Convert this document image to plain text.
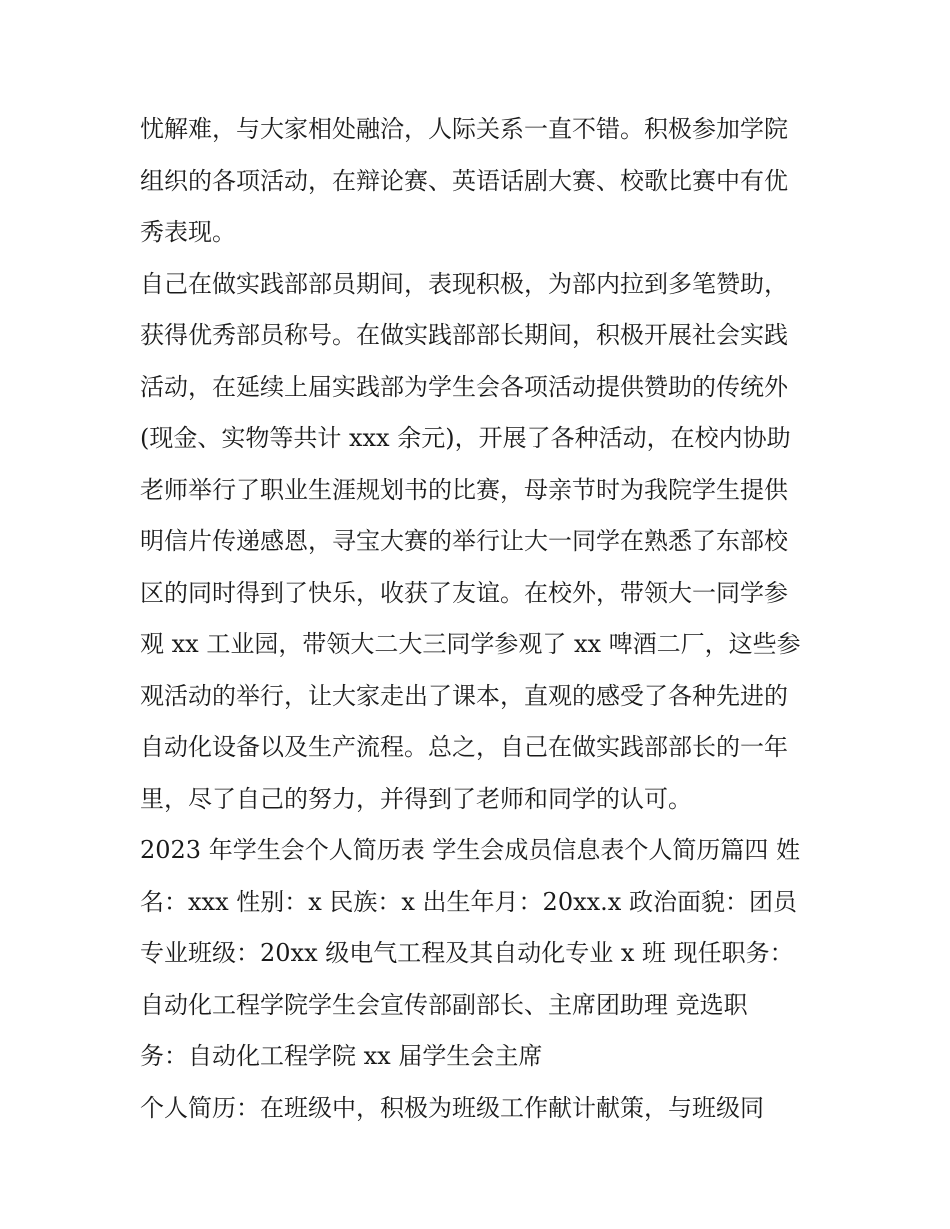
忧解难，与大家相处融洽，人际关系一直不错。积极参加学院
组织的各项活动，在辩论赛、英语话剧大赛、校歌比赛中有优
秀表现。
自己在做实践部部员期间，表现积极，为部内拉到多笔赞助，
获得优秀部员称号。在做实践部部长期间，积极开展社会实践
活动，在延续上届实践部为学生会各项活动提供赞助的传统外
(现金、实物等共计 xxx 余元)，开展了各种活动，在校内协助
老师举行了职业生涯规划书的比赛，母亲节时为我院学生提供
明信片传递感恩，寻宝大赛的举行让大一同学在熟悉了东部校
区的同时得到了快乐，收获了友谊。在校外，带领大一同学参
观 xx 工业园，带领大二大三同学参观了 xx 啤酒二厂，这些参
观活动的举行，让大家走出了课本，直观的感受了各种先进的
自动化设备以及生产流程。总之，自己在做实践部部长的一年
里，尽了自己的努力，并得到了老师和同学的认可。
2023 年学生会个人简历表 学生会成员信息表个人简历篇四 姓
名：xxx 性别：x 民族：x 出生年月：20xx.x 政治面貌：团员
专业班级：20xx 级电气工程及其自动化专业 x 班 现任职务：
自动化工程学院学生会宣传部副部长、主席团助理 竞选职
务：自动化工程学院 xx 届学生会主席
个人简历：在班级中，积极为班级工作献计献策，与班级同
